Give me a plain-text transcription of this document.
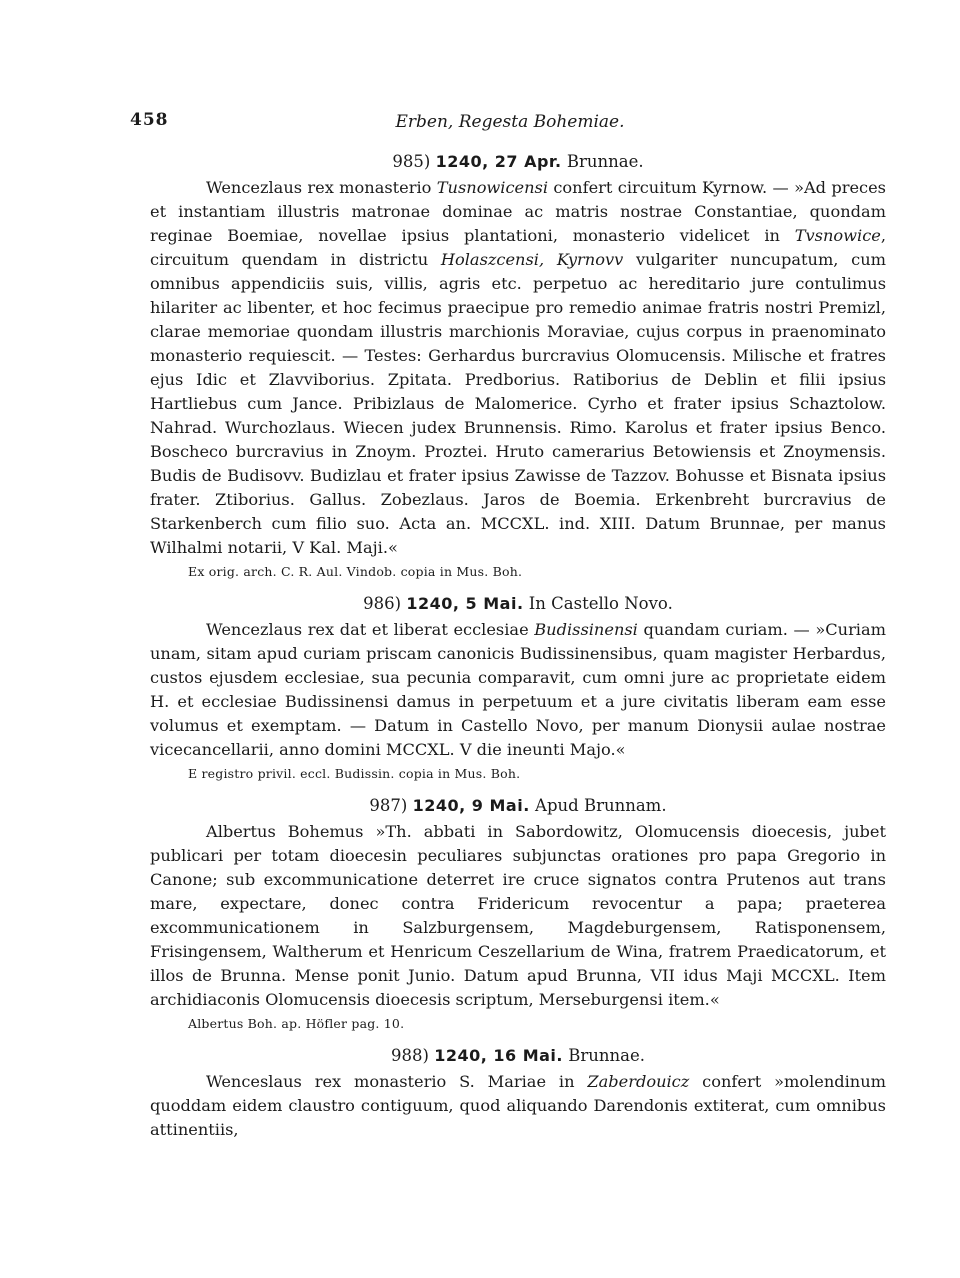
458	Erben, Regesta Bohemiae.
985) 1240, 27 Apr. Brunnae.

Wencezlaus rex monasterio Tusnowicensi confert circuitum Kyrnow. — »Ad preces et instantiam illustris matronae dominae ac matris nostrae Constantiae, quondam reginae Boemiae, novellae ipsius plantationi, monasterio videlicet in Tvsnowice, circuitum quendam in districtu Holaszcensi, Kyrnovv vulgariter nuncupatum, cum omnibus appendiciis suis, villis, agris etc. perpetuo ac hereditario jure contulimus hilariter ac libenter, et hoc fecimus praecipue pro remedio animae fratris nostri Premizl, clarae memoriae quondam illustris marchionis Moraviae, cujus corpus in praenominato monasterio requiescit. — Testes: Gerhardus burcravius Olomucensis. Milische et fratres ejus Idic et Zlavviborius. Zpitata. Predborius. Ratiborius de Deblin et filii ipsius Hartliebus cum Jance. Pribizlaus de Malomerice. Cyrho et frater ipsius Schaztolow. Nahrad. Wurchozlaus. Wiecen judex Brunnensis. Rimo. Karolus et frater ipsius Benco. Boscheco burcravius in Znoym. Proztei. Hruto camerarius Betowiensis et Znoymensis. Budis de Budisovv. Budizlau et frater ipsius Zawisse de Tazzov. Bohusse et Bisnata ipsius frater. Ztiborius. Gallus. Zobezlaus. Jaros de Boemia. Erkenbreht burcravius de Starkenberch cum filio suo. Acta an. MCCXL. ind. XIII. Datum Brunnae, per manus Wilhalmi notarii, V Kal. Maji.«

Ex orig. arch. C. R. Aul. Vindob. copia in Mus. Boh.
986) 1240, 5 Mai. In Castello Novo.

Wencezlaus rex dat et liberat ecclesiae Budissinensi quandam curiam. — »Curiam unam, sitam apud curiam priscam canonicis Budissinensibus, quam magister Herbardus, custos ejusdem ecclesiae, sua pecunia comparavit, cum omni jure ac proprietate eidem H. et ecclesiae Budissinensi damus in perpetuum et a jure civitatis liberam eam esse volumus et exemptam. — Datum in Castello Novo, per manum Dionysii aulae nostrae vicecancellarii, anno domini MCCXL. V die ineunti Majo.«

E registro privil. eccl. Budissin. copia in Mus. Boh.
987) 1240, 9 Mai. Apud Brunnam.

Albertus Bohemus »Th. abbati in Sabordowitz, Olomucensis dioecesis, jubet publicari per totam dioecesin peculiares subjunctas orationes pro papa Gregorio in Canone; sub excommunicatione deterret ire cruce signatos contra Prutenos aut trans mare, expectare, donec contra Fridericum revocentur a papa; praeterea excommunicationem in Salzburgensem, Magdeburgensem, Ratisponensem, Frisingensem, Waltherum et Henricum Ceszellarium de Wina, fratrem Praedicatorum, et illos de Brunna. Mense ponit Junio. Datum apud Brunna, VII idus Maji MCCXL. Item archidiaconis Olomucensis dioecesis scriptum, Merseburgensi item.«

Albertus Boh. ap. Höfler pag. 10.
988) 1240, 16 Mai. Brunnae.

Wenceslaus rex monasterio S. Mariae in Zaberdouicz confert »molendinum quoddam eidem claustro contiguum, quod aliquando Darendonis extiterat, cum omnibus attinentiis,
